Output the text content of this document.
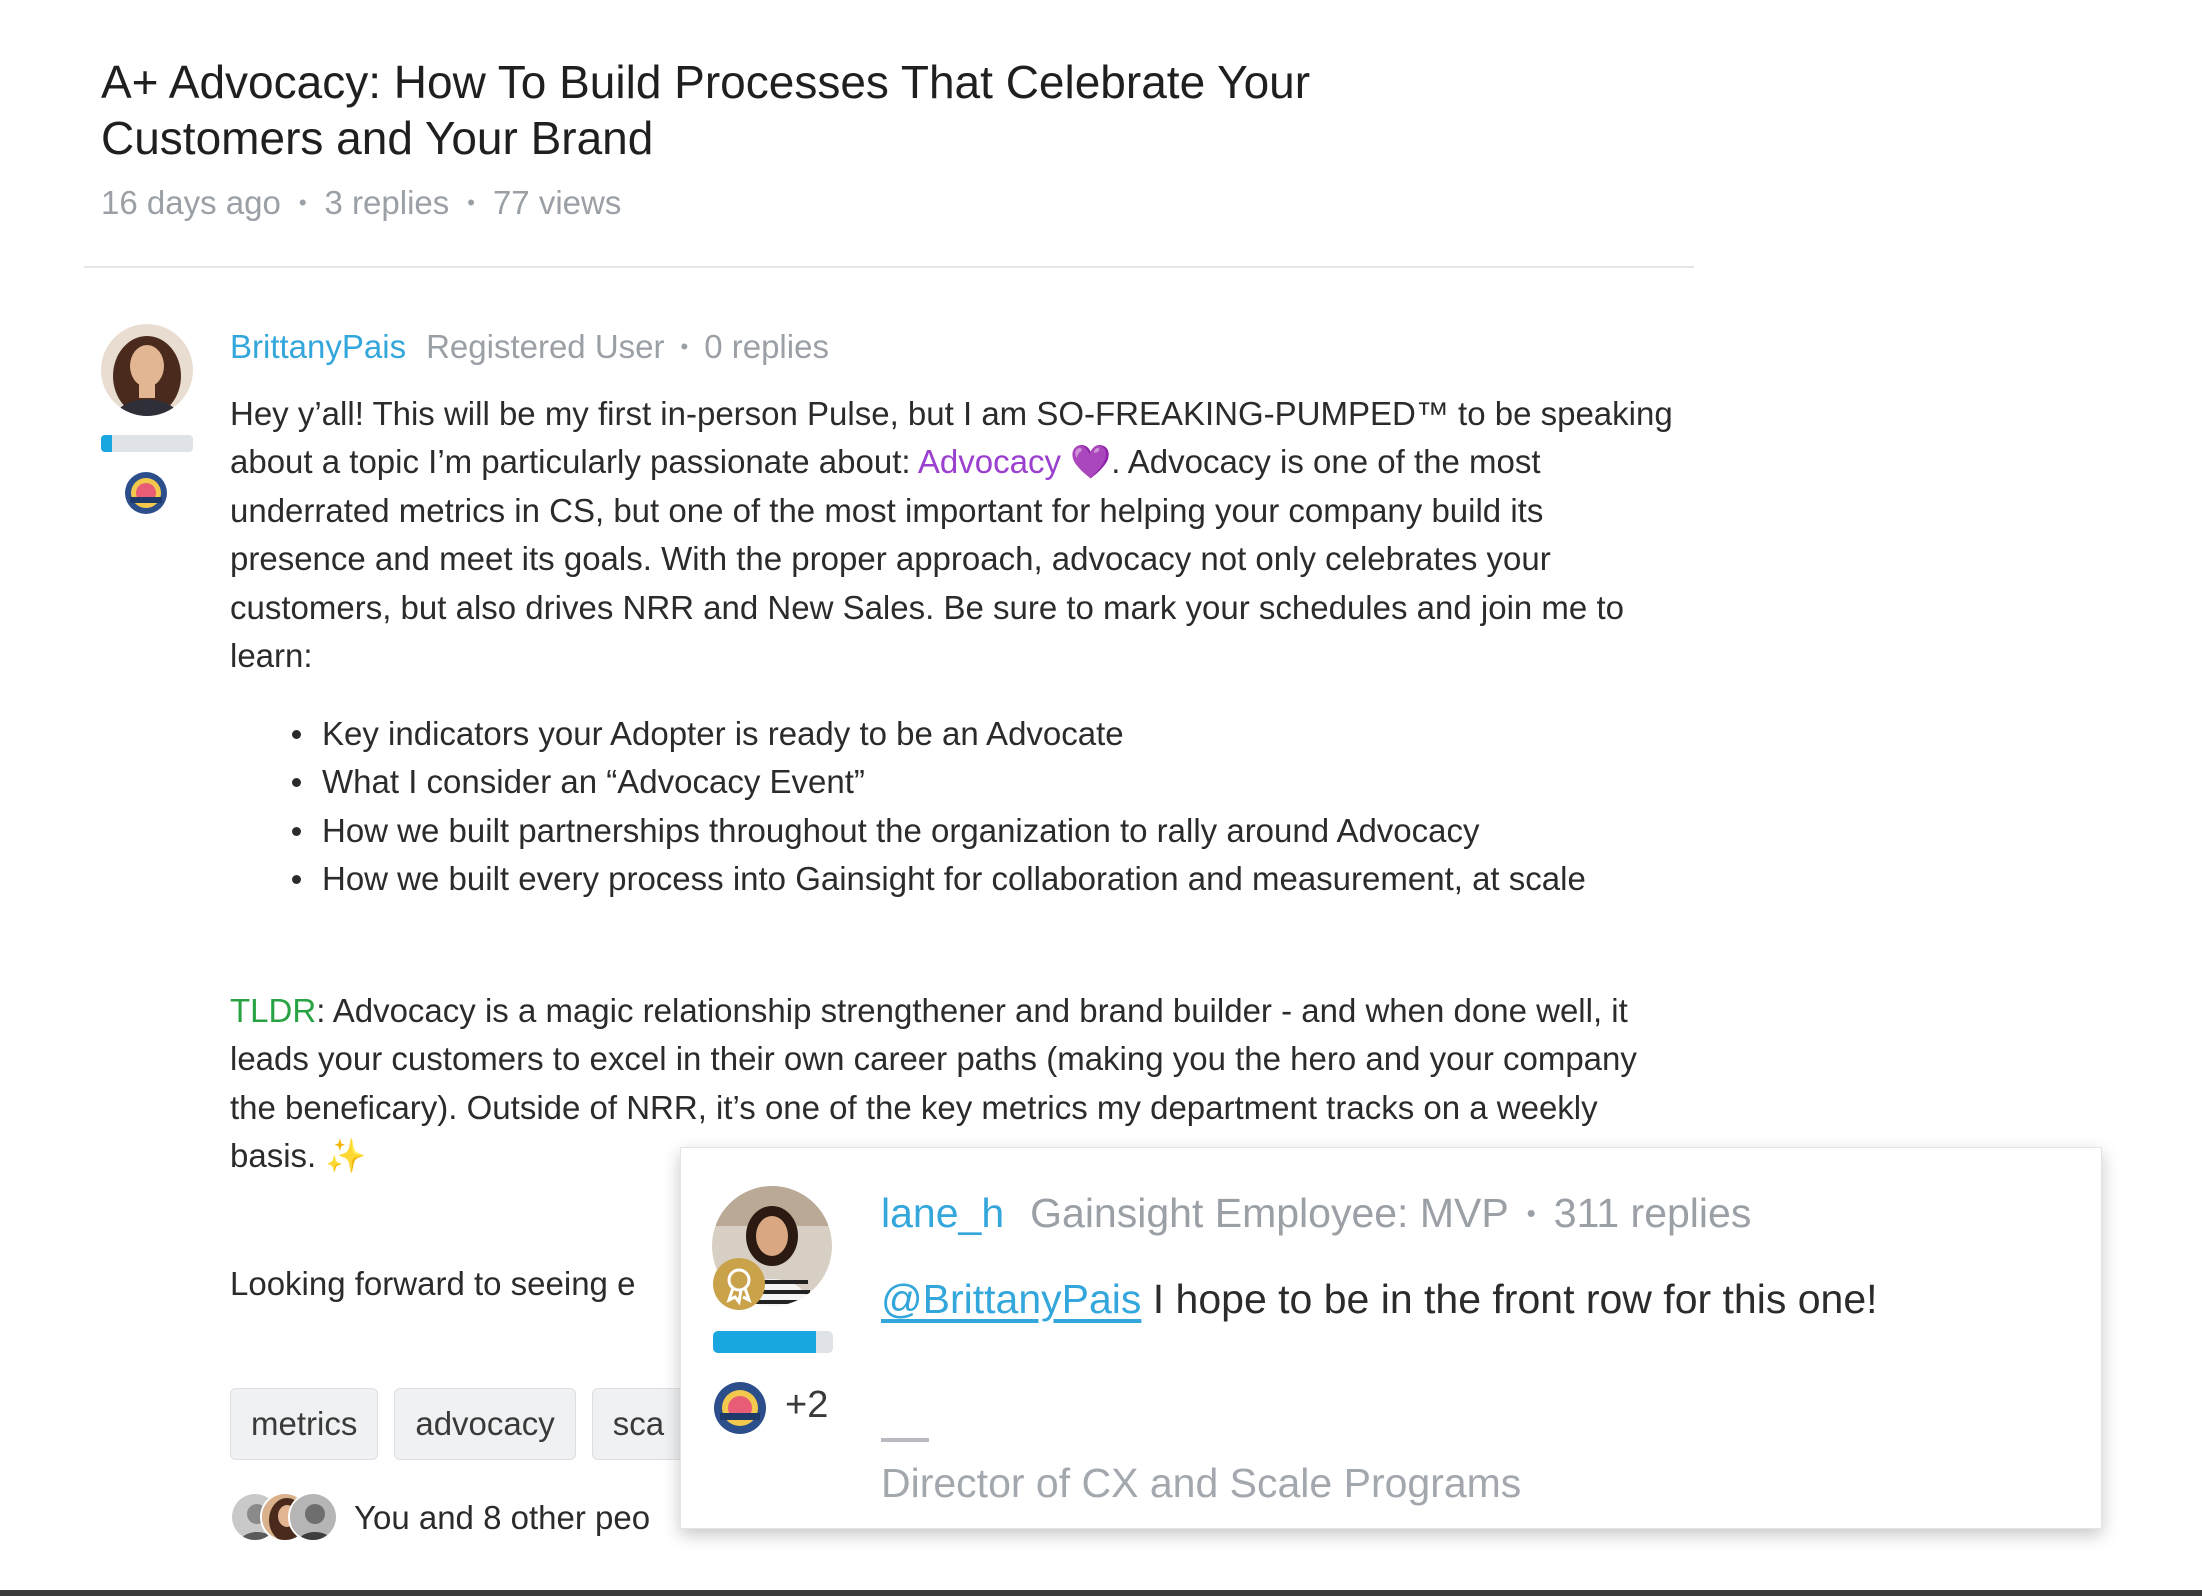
A+ Advocacy: How To Build Processes That Celebrate Your Customers and Your Brand
16 days ago • 3 replies • 77 views
BrittanyPais Registered User • 0 replies

Hey y’all! This will be my first in-person Pulse, but I am SO-FREAKING-PUMPED™ to be speaking about a topic I’m particularly passionate about: Advocacy 💜. Advocacy is one of the most underrated metrics in CS, but one of the most important for helping your company build its presence and meet its goals. With the proper approach, advocacy not only celebrates your customers, but also drives NRR and New Sales. Be sure to mark your schedules and join me to learn:

Key indicators your Adopter is ready to be an Advocate
What I consider an “Advocacy Event”
How we built partnerships throughout the organization to rally around Advocacy
How we built every process into Gainsight for collaboration and measurement, at scale
TLDR: Advocacy is a magic relationship strengthener and brand builder - and when done well, it leads your customers to excel in their own career paths (making you the hero and your company the beneficary). Outside of NRR, it’s one of the key metrics my department tracks on a weekly basis. ✨
Looking forward to seeing e
metrics	advocacy	sca
You and 8 other peo
+2
lane_h Gainsight Employee: MVP • 311 replies
@BrittanyPais I hope to be in the front row for this one!
Director of CX and Scale Programs
